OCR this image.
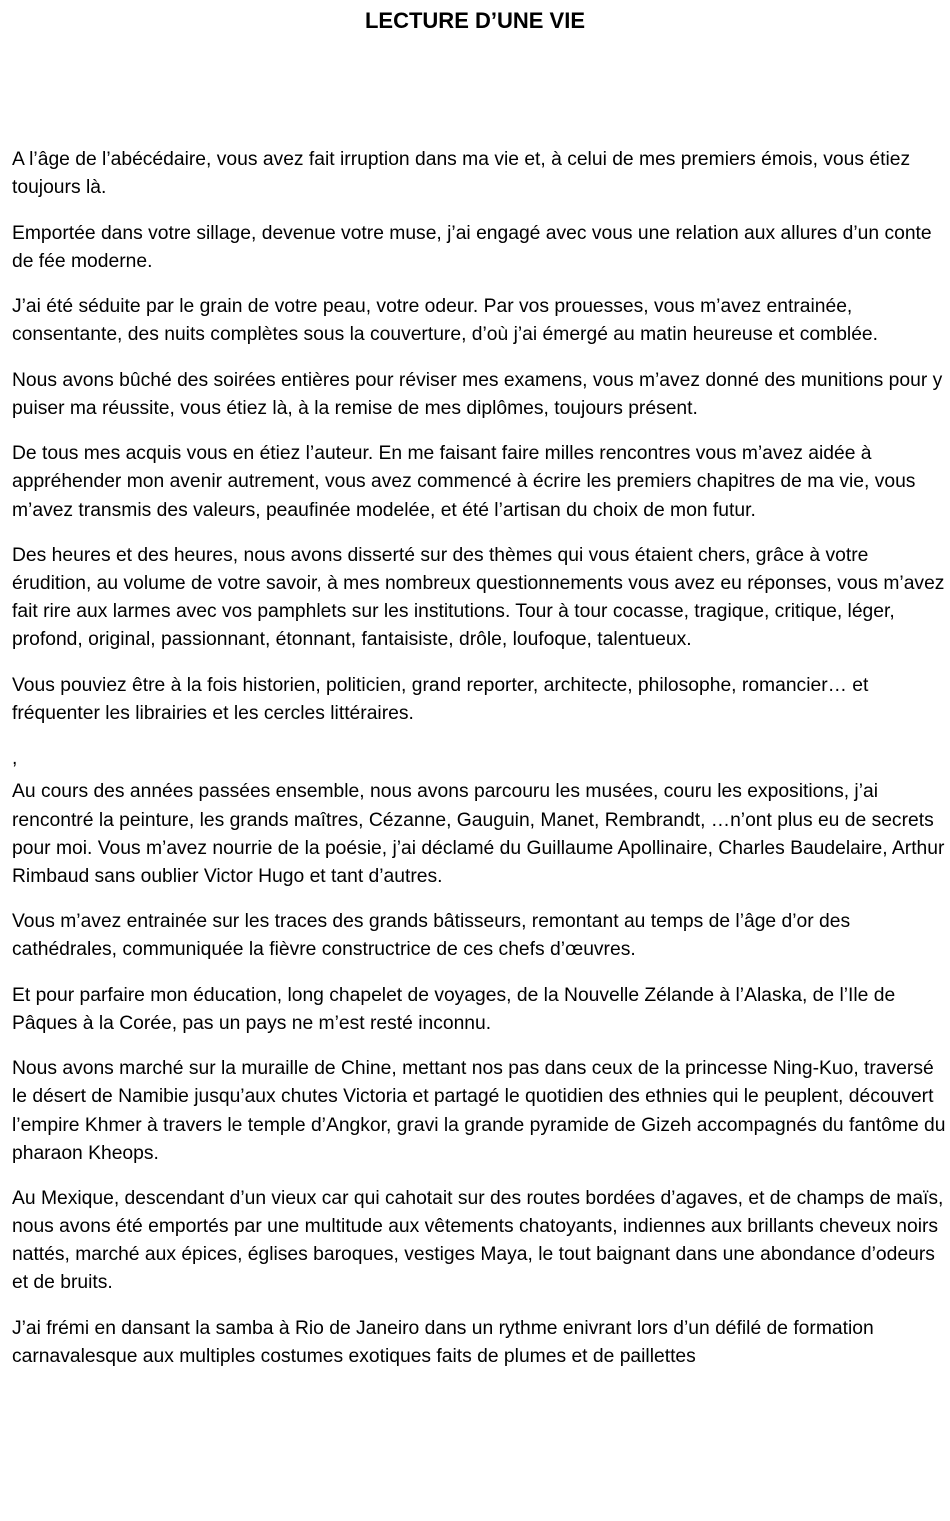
LECTURE D’UNE VIE

A l’âge de l’abécédaire, vous avez fait irruption dans ma vie et, à celui de mes premiers émois, vous étiez toujours là.

Emportée dans votre sillage, devenue votre muse, j’ai engagé avec vous une relation aux allures d’un conte de fée moderne.

J’ai été séduite par le grain de votre peau, votre odeur. Par vos prouesses, vous m’avez entrainée, consentante, des nuits complètes sous la couverture, d’où j’ai émergé au matin heureuse et comblée.

Nous avons bûché des soirées entières pour réviser mes examens, vous m’avez donné des munitions pour y puiser ma réussite, vous étiez là, à la remise de mes diplômes, toujours présent.

De tous mes acquis vous en étiez l’auteur. En me faisant faire milles rencontres vous m’avez aidée à appréhender mon avenir autrement, vous avez commencé à écrire les premiers chapitres de ma vie, vous m’avez transmis des valeurs, peaufinée modelée, et été l’artisan du choix de mon futur.

Des heures et des heures, nous avons disserté sur des thèmes qui vous étaient chers, grâce à votre érudition, au volume de votre savoir, à mes nombreux questionnements vous avez eu réponses, vous m’avez fait rire aux larmes avec vos pamphlets sur les institutions. Tour à tour cocasse, tragique, critique, léger, profond, original, passionnant, étonnant, fantaisiste, drôle, loufoque, talentueux.

Vous pouviez être à la fois historien, politicien, grand reporter, architecte, philosophe, romancier… et fréquenter les librairies et les cercles littéraires.

,

Au cours des années passées ensemble, nous avons parcouru les musées, couru les expositions, j’ai rencontré la peinture, les grands maîtres, Cézanne, Gauguin, Manet, Rembrandt, …n’ont plus eu de secrets pour moi. Vous m’avez nourrie de la poésie, j’ai déclamé du Guillaume Apollinaire, Charles Baudelaire, Arthur Rimbaud sans oublier Victor Hugo et tant d’autres.

Vous m’avez entrainée sur les traces des grands bâtisseurs, remontant au temps de l’âge d’or des cathédrales, communiquée la fièvre constructrice de ces chefs d’œuvres.

Et pour parfaire mon éducation, long chapelet de voyages, de la Nouvelle Zélande à l’Alaska, de l’Ile de Pâques à la Corée, pas un pays ne m’est resté inconnu.

Nous avons marché sur la muraille de Chine, mettant nos pas dans ceux de la princesse Ning-Kuo, traversé le désert de Namibie jusqu’aux chutes Victoria et partagé le quotidien des ethnies qui le peuplent, découvert l’empire Khmer à travers le temple d’Angkor, gravi la grande pyramide de Gizeh accompagnés du fantôme du pharaon Kheops.

Au Mexique, descendant d’un vieux car qui cahotait sur des routes bordées d’agaves, et de champs de maïs, nous avons été emportés par une multitude aux vêtements chatoyants, indiennes aux brillants cheveux noirs nattés, marché aux épices, églises baroques, vestiges Maya, le tout baignant dans une abondance d’odeurs et de bruits.

J’ai frémi en dansant la samba à Rio de Janeiro dans un rythme enivrant lors d’un défilé de formation carnavalesque aux multiples costumes exotiques faits de plumes et de paillettes
